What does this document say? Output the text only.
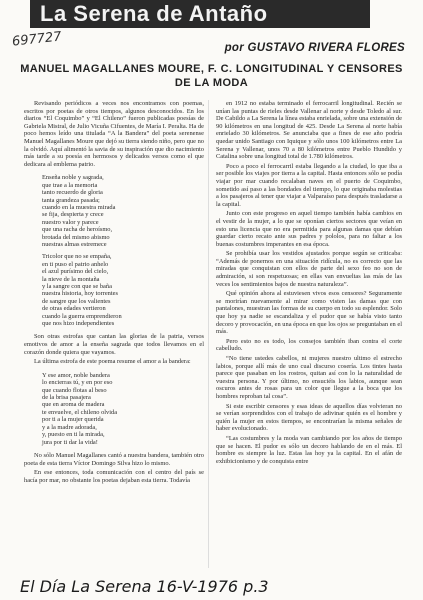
La Serena de Antaño
697727	por GUSTAVO RIVERA FLORES
MANUEL MAGALLANES MOURE, F. C. LONGITUDINAL Y CENSORES DE LA MODA

Revisando periódicos a veces nos encontramos con poemas, escritos por poetas de otros tiempos, algunos desconocidos. En los diarios “El Coquimbo” y “El Chileno” fueron publicadas poesías de Gabriela Mistral, de Julio Vicuña Cifuentes, de María I. Peralta. Ha de poco hemos leído una titulada “A la Bandera” del poeta serenense Manuel Magallanes Moure que dejó su tierra siendo niño, pero que no la olvidó. Aquí alimentó la savia de su inspiración que dio nacimiento más tarde a su poesía en hermosos y delicados versos como el que dedicara al emblema patrio.

Enseña noble y sagrada,
que trae a la memoria
tanto recuerdo de gloria
tanta grandeza pasada;
cuando en la muestra mirada
se fija, despierta y crece
nuestro valor y parece
que una racha de heroísmo,
brotada del mismo abismo
nuestras almas estremece
Tricolor que no se empaña,
en ti puso el patrio anhelo
el azul purísimo del cielo,
la nieve de la montaña
y la sangre con que se baña
nuestra historia, hoy torrentes
de sangre que los valientes
de otras edades vertieron
cuando la guerra emprendieron
que nos hizo independientes

Son otras estrofas que cantan las glorias de la patria, versos emotivos de amor a la enseña sagrada que todos llevamos en el corazón donde quiera que vayamos.

La última estrofa de este poema resume el amor a la bandera:

Y ese amor, noble bandera
lo encierras tú, y en por eso
que cuando flotas al beso
de la brisa pasajera
que en aroma de madera
te envuelve, el chileno olvida
por ti a la mujer querida
y a la madre adorada,
y, puesto en ti la mirada,
jura por ti dar la vida!

No sólo Manuel Magallanes cantó a nuestra bandera, también otro poeta de esta tierra Víctor Domingo Silva hizo lo mismo.

En ese entonces, toda comunicación con el centro del país se hacía por mar, no obstante los poetas dejaban esta tierra. Todavía

en 1912 no estaba terminado el ferrocarril longitudinal. Recién se unían las puntas de rieles desde Vallenar al norte y desde Toledo al sur. De Cabildo a La Serena la línea estaba enrielada, sobre una extensión de 90 kilómetros en una longitud de 425. Desde La Serena al norte había enrielado 30 kilómetros. Se anunciaba que a fines de ese año podría quedar unido Santiago con Iquique y sólo unos 100 kilómetros entre La Serena y Vallenar, unos 70 a 80 kilómetros entre Pueblo Hundido y Catalina sobre una longitud total de 1.780 kilómetros.

Poco a poco el ferrocarril estaba llegando a la ciudad, lo que iba a ser posible los viajes por tierra a la capital. Hasta entonces sólo se podía viajar por mar cuando recalaban naves en el puerto de Coquimbo, sometido así paso a las bondades del tiempo, lo que originaba molestias a los pasajeros al tener que viajar a Valparaíso para después trasladarse a la capital.

Junto con este progreso en aquel tiempo también había cambios en el vestir de la mujer, a lo que se oponían ciertos sectores que veían en esto una licencia que no era permitida para algunas damas que debían guardar cierto recato ante sus padres y pololos, para no faltar a los buenas costumbres imperantes en esa época.

Se prohibía usar los vestidos ajustados porque según se criticaba: “Además de ponernos en una situación ridícula, no es correcto que las miradas que conquistan con ellos de parte del sexo feo no son de admiración, si son respetuosas; en ellas van envueltas las más de las veces los sentimientos bajos de nuestra naturaleza”.

Qué opinión ahora al estuviesen vivos esos censores? Seguramente se morirían nuevamente al mirar como visten las damas que con pantalones, muestran las formas de su cuerpo en todo su esplendor. Solo que hoy ya nadie se escandaliza y el pudor que se había visto tanto decoro y provocación, en una época en que los ojos se preguntaban en el más.

Pero esto no es todo, los consejos también iban contra el corte cabelludo.

“No tiene ustedes cabellos, ni mujeres nuestro ultimo el estrecho labios, porque allí más de uno cual discurso cosería. Los tintes hasta parece que pasaban en los rostros, quitan así con lo la naturalidad de vuestra persona. Y por último, no ensuciéis los labios, aunque sean oscuros antes de rosas para un color que llegue a la boca que los hombres reproban tal cosa”.

Si este escribir censores y esas ideas de aquellos días volvieran no se verían sorprendidos con el trabajo de adivinar quién es el hombre y quién la mujer en estos tiempos, se encontrarían la misma señales de haber evolucionado.

“Las costumbres y la moda van cambiando por los años de tiempo que se hacen. El pudor es sólo un decoro hablando de en el más. El hombre es siempre la luz. Estas las hoy ya la capital. En el afán de exhibicionismo y de conquista entre

El Día La Serena 16-V-1976 p.3
